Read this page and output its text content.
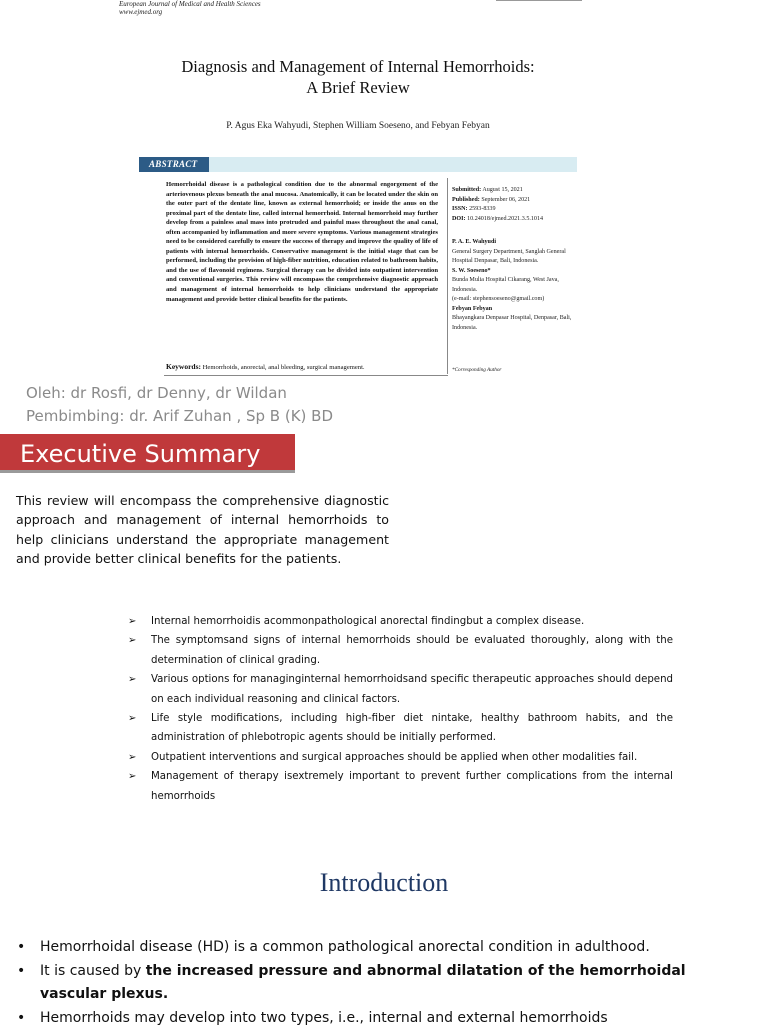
European Journal of Medical and Health Sciences
www.ejmed.org
Diagnosis and Management of Internal Hemorrhoids:
A Brief Review
P. Agus Eka Wahyudi, Stephen William Soeseno, and Febyan Febyan
ABSTRACT
Hemorrhoidal disease is a pathological condition due to the abnormal engorgement of the arteriovenous plexus beneath the anal mucosa. Anatomically, it can be located under the skin on the outer part of the dentate line, known as external hemorrhoid; or inside the anus on the proximal part of the dentate line, called internal hemorrhoid. Internal hemorrhoid may further develop from a painless anal mass into protruded and painful mass throughout the anal canal, often accompanied by inflammation and more severe symptoms. Various management strategies need to be considered carefully to ensure the success of therapy and improve the quality of life of patients with internal hemorrhoids. Conservative management is the initial stage that can be performed, including the provision of high-fiber nutrition, education related to bathroom habits, and the use of flavonoid regimens. Surgical therapy can be divided into outpatient intervention and conventional surgeries. This review will encompass the comprehensive diagnostic approach and management of internal hemorrhoids to help clinicians understand the appropriate management and provide better clinical benefits for the patients.
Keywords: Hemorrhoids, anorectal, anal bleeding, surgical management.
Submitted: August 15, 2021
Published: September 06, 2021
ISSN: 2593-8339
DOI: 10.24018/ejmed.2021.3.5.1014
P. A. E. Wahyudi
General Surgery Department, Sanglah General Hospital Denpasar, Bali, Indonesia.
S. W. Soeseno*
Bunda Mulia Hospital Cikarang, West Java, Indonesia.
(e-mail: stephensoeseno@gmail.com)
Febyan Febyan
Bhayangkara Denpasar Hospital, Denpasar, Bali, Indonesia.
*Corresponding Author
Oleh: dr Rosfi, dr Denny, dr Wildan
Pembimbing: dr. Arif Zuhan , Sp B (K) BD
Executive Summary
This review will encompass the comprehensive diagnostic approach and management of internal hemorrhoids to help clinicians understand the appropriate management and provide better clinical benefits for the patients.
➢ Internal hemorrhoidis acommonpathological anorectal findingbut a complex disease.
➢ The symptomsand signs of internal hemorrhoids should be evaluated thoroughly, along with the determination of clinical grading.
➢ Various options for managinginternal hemorrhoidsand specific therapeutic approaches should depend on each individual reasoning and clinical factors.
➢ Life style modifications, including high-fiber diet nintake, healthy bathroom habits, and the administration of phlebotropic agents should be initially performed.
➢ Outpatient interventions and surgical approaches should be applied when other modalities fail.
➢ Management of therapy isextremely important to prevent further complications from the internal hemorrhoids
Introduction
• Hemorrhoidal disease (HD) is a common pathological anorectal condition in adulthood.
• It is caused by the increased pressure and abnormal dilatation of the hemorrhoidal vascular plexus.
• Hemorrhoids may develop into two types, i.e., internal and external hemorrhoids
